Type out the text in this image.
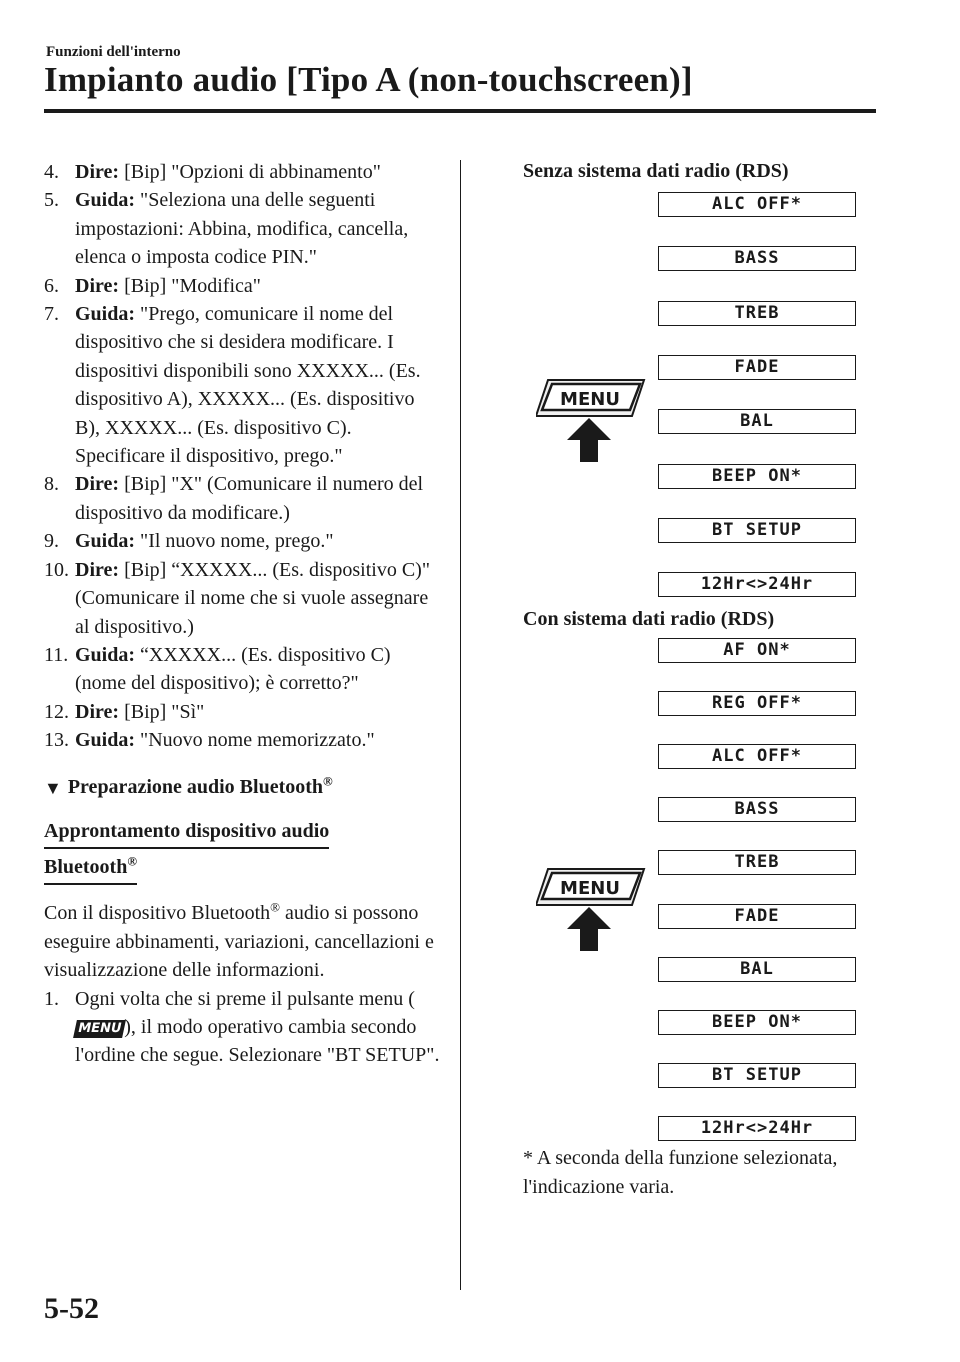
Funzioni dell'interno
Impianto audio [Tipo A (non-touchscreen)]
4. Dire: [Bip] "Opzioni di abbinamento"
5. Guida: "Seleziona una delle seguenti impostazioni: Abbina, modifica, cancella, elenca o imposta codice PIN."
6. Dire: [Bip] "Modifica"
7. Guida: "Prego, comunicare il nome del dispositivo che si desidera modificare. I dispositivi disponibili sono XXXXX... (Es. dispositivo A), XXXXX... (Es. dispositivo B), XXXXX... (Es. dispositivo C). Specificare il dispositivo, prego."
8. Dire: [Bip] "X" (Comunicare il numero del dispositivo da modificare.)
9. Guida: "Il nuovo nome, prego."
10. Dire: [Bip] “XXXXX... (Es. dispositivo C)" (Comunicare il nome che si vuole assegnare al dispositivo.)
11. Guida: “XXXXX... (Es. dispositivo C) (nome del dispositivo); è corretto?"
12. Dire: [Bip] "Sì"
13. Guida: "Nuovo nome memorizzato."
▼ Preparazione audio Bluetooth®
Approntamento dispositivo audio
Bluetooth®
Con il dispositivo Bluetooth® audio si possono eseguire abbinamenti, variazioni, cancellazioni e visualizzazione delle informazioni.
1. Ogni volta che si preme il pulsante menu (MENU), il modo operativo cambia secondo l'ordine che segue. Selezionare "BT SETUP".
Senza sistema dati radio (RDS)
ALC OFF*
BASS
TREB
FADE
BAL
BEEP ON*
BT SETUP
12Hr<>24Hr
MENU
Con sistema dati radio (RDS)
AF ON*
REG OFF*
ALC OFF*
BASS
TREB
FADE
BAL
BEEP ON*
BT SETUP
12Hr<>24Hr
MENU
* A seconda della funzione selezionata, l'indicazione varia.
5-52
